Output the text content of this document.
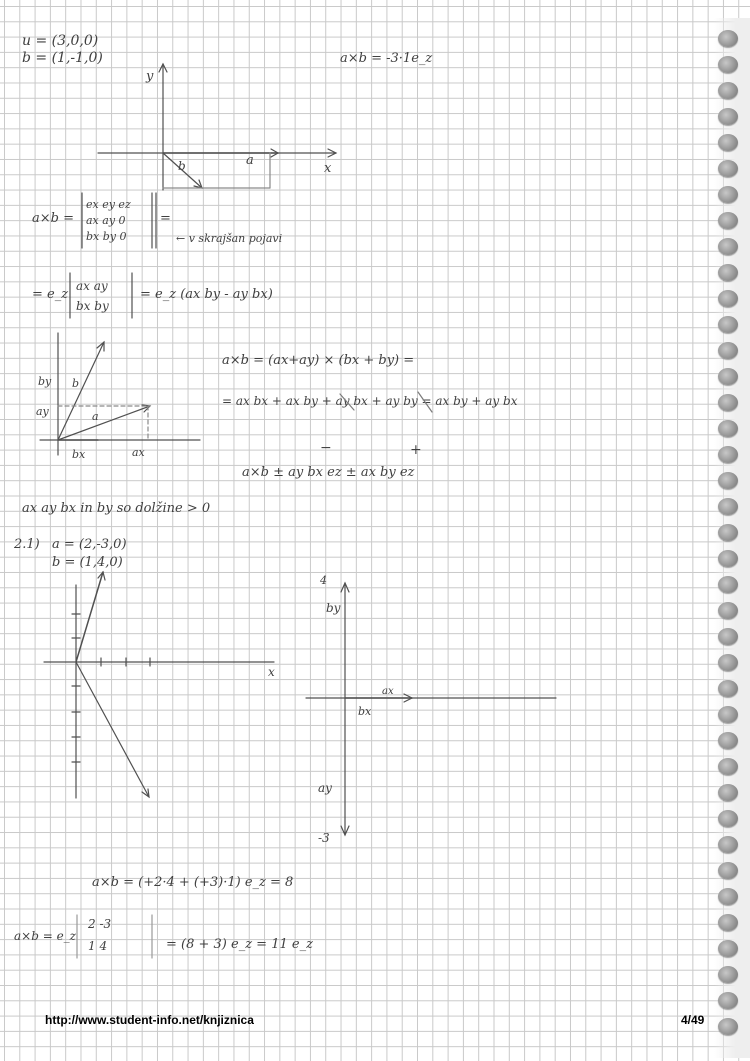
u = (3,0,0)
b = (1,-1,0)	a×b = -3·1e_z
y
x
a
b
a×b =
ex ey ez
ax ay 0
bx by 0
=
← v skrajšan pojavi
= e_z
ax ay
bx by
= e_z (ax by - ay bx)
by b
ay	a
bx	ax
a×b = (ax+ay) × (bx + by) =
= ax bx + ax by + ay bx + ay by = ax by + ay bx
−	+
a×b ± ay bx ez ± ax by ez
ax ay bx in by so dolžine > 0
2.1) a = (2,-3,0)
b = (1,4,0)
x
4
by
ax
bx
ay
-3
a×b = (+2·4 + (+3)·1) e_z = 8
a×b = e_z
2 -3
1 4	= (8 + 3) e_z = 11 e_z
http://www.student-info.net/knjiznica	4/49
